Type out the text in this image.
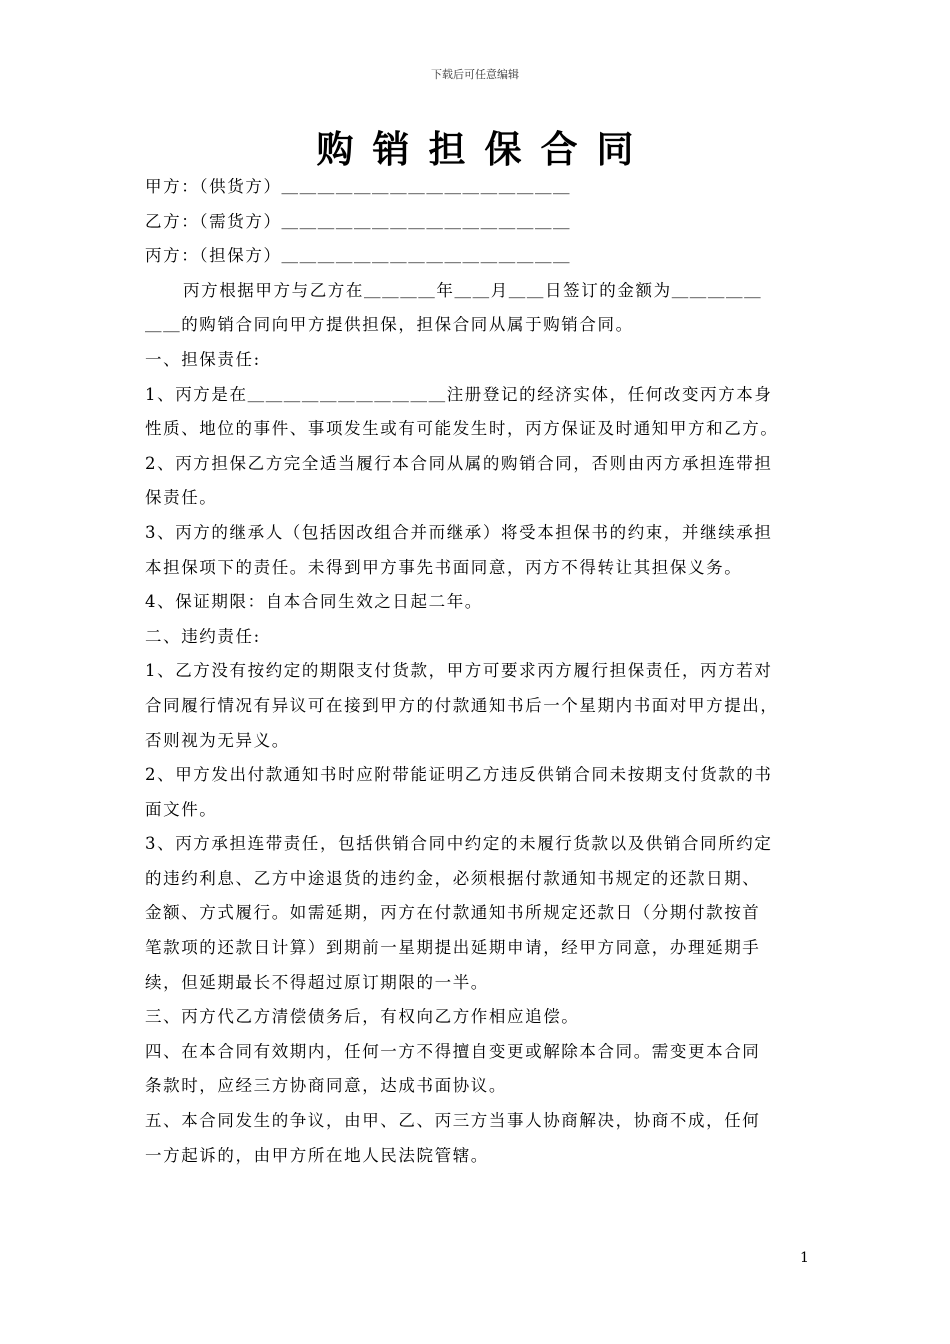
下载后可任意编辑
购销担保合同
甲方：（供货方）＿＿＿＿＿＿＿＿＿＿＿＿＿＿＿＿
乙方：（需货方）＿＿＿＿＿＿＿＿＿＿＿＿＿＿＿＿
丙方：（担保方）＿＿＿＿＿＿＿＿＿＿＿＿＿＿＿＿
丙方根据甲方与乙方在＿＿＿＿年＿＿月＿＿日签订的金额为＿＿＿＿＿
＿＿的购销合同向甲方提供担保，担保合同从属于购销合同。
一、担保责任:
1、丙方是在＿＿＿＿＿＿＿＿＿＿＿注册登记的经济实体，任何改变丙方本身
性质、地位的事件、事项发生或有可能发生时，丙方保证及时通知甲方和乙方。
2、丙方担保乙方完全适当履行本合同从属的购销合同，否则由丙方承担连带担
保责任。
3、丙方的继承人（包括因改组合并而继承）将受本担保书的约束，并继续承担
本担保项下的责任。未得到甲方事先书面同意，丙方不得转让其担保义务。
4、保证期限：自本合同生效之日起二年。
二、违约责任:
1、乙方没有按约定的期限支付货款，甲方可要求丙方履行担保责任，丙方若对
合同履行情况有异议可在接到甲方的付款通知书后一个星期内书面对甲方提出，
否则视为无异义。
2、甲方发出付款通知书时应附带能证明乙方违反供销合同未按期支付货款的书
面文件。
3、丙方承担连带责任，包括供销合同中约定的未履行货款以及供销合同所约定
的违约利息、乙方中途退货的违约金，必须根据付款通知书规定的还款日期、
金额、方式履行。如需延期，丙方在付款通知书所规定还款日（分期付款按首
笔款项的还款日计算）到期前一星期提出延期申请，经甲方同意，办理延期手
续，但延期最长不得超过原订期限的一半。
三、丙方代乙方清偿债务后，有权向乙方作相应追偿。
四、在本合同有效期内，任何一方不得擅自变更或解除本合同。需变更本合同
条款时，应经三方协商同意，达成书面协议。
五、本合同发生的争议，由甲、乙、丙三方当事人协商解决，协商不成，任何
一方起诉的，由甲方所在地人民法院管辖。
1
